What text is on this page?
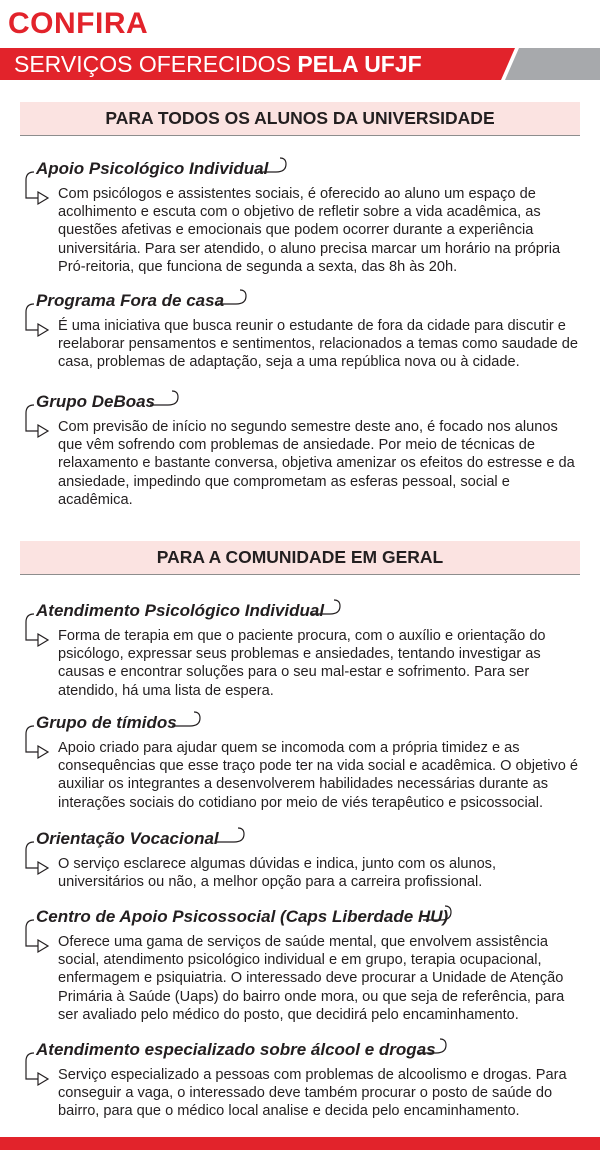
CONFIRA
SERVIÇOS OFERECIDOS PELA UFJF
PARA TODOS OS ALUNOS DA UNIVERSIDADE
Apoio Psicológico Individual

Com psicólogos e assistentes sociais, é oferecido ao aluno um espaço de acolhimento e escuta com o objetivo de refletir sobre a vida acadêmica, as questões afetivas e emocionais que podem ocorrer durante a experiência universitária. Para ser atendido, o aluno precisa marcar um horário na própria Pró-reitoria, que funciona de segunda a sexta, das 8h às 20h.

Programa Fora de casa

É uma iniciativa que busca reunir o estudante de fora da cidade para discutir e reelaborar pensamentos e sentimentos, relacionados a temas como saudade de casa, problemas de adaptação, seja a uma república nova ou à cidade.

Grupo DeBoas

Com previsão de início no segundo semestre deste ano, é focado nos alunos que vêm sofrendo com problemas de ansiedade. Por meio de técnicas de relaxamento e bastante conversa, objetiva amenizar os efeitos do estresse e da ansiedade, impedindo que comprometam as esferas pessoal, social e acadêmica.

PARA A COMUNIDADE EM GERAL
Atendimento Psicológico Individual

Forma de terapia em que o paciente procura, com o auxílio e orientação do psicólogo, expressar seus problemas e ansiedades, tentando investigar as causas e encontrar soluções para o seu mal-estar e sofrimento. Para ser atendido, há uma lista de espera.

Grupo de tímidos

Apoio criado para ajudar quem se incomoda com a própria timidez e as consequências que esse traço pode ter na vida social e acadêmica. O objetivo é auxiliar os integrantes a desenvolverem habilidades necessárias durante as interações sociais do cotidiano por meio de viés terapêutico e psicossocial.

Orientação Vocacional

O serviço esclarece algumas dúvidas e indica, junto com os alunos, universitários ou não, a melhor opção para a carreira profissional.

Centro de Apoio Psicossocial (Caps Liberdade HU)

Oferece uma gama de serviços de saúde mental, que envolvem assistência social, atendimento psicológico individual e em grupo, terapia ocupacional, enfermagem e psiquiatria. O interessado deve procurar a Unidade de Atenção Primária à Saúde (Uaps) do bairro onde mora, ou que seja de referência, para ser avaliado pelo médico do posto, que decidirá pelo encaminhamento.

Atendimento especializado sobre álcool e drogas

Serviço especializado a pessoas com problemas de alcoolismo e drogas. Para conseguir a vaga, o interessado deve também procurar o posto de saúde do bairro, para que o médico local analise e decida pelo encaminhamento.
